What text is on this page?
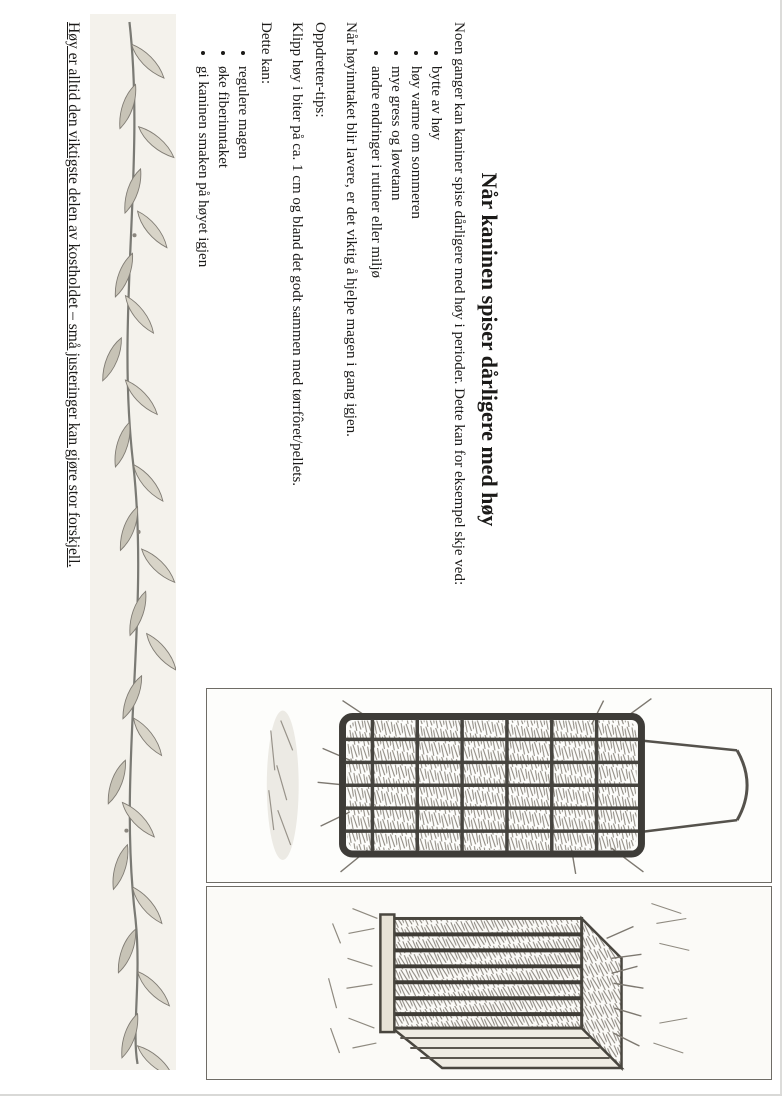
Når kaninen spiser dårligere med høy

Noen ganger kan kaniner spise dårligere med høy i perioder. Dette kan for eksempel skje ved:

• bytte av høy
• høy varme om sommeren
• mye gress og løvetann
• andre endringer i rutiner eller miljø

Når høyinntaket blir lavere, er det viktig å hjelpe magen i gang igjen.

Oppdretter-tips:

Klipp høy i biter på ca. 1 cm og bland det godt sammen med tørrfôret/pellets.

Dette kan:

• regulere magen
• øke fiberinntaket
• gi kaninen smaken på høyet igjen
Høy er alltid den viktigste delen av kostholdet – små justeringer kan gjøre stor forskjell.
